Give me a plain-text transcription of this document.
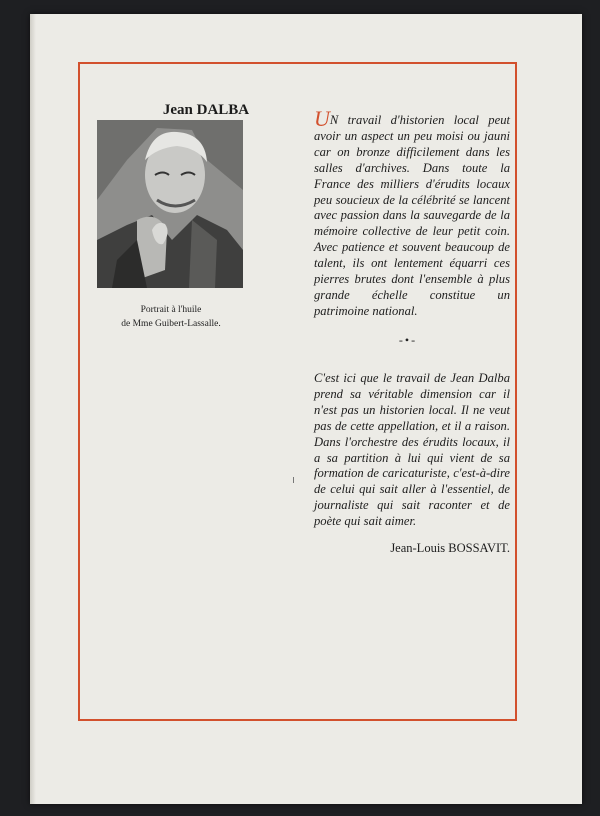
Jean DALBA
Portrait à l'huile
de Mme Guibert-Lassalle.
UN travail d'historien local peut avoir un aspect un peu moisi ou jauni car on bronze difficilement dans les salles d'archives. Dans toute la France des milliers d'érudits locaux peu soucieux de la célébrité se lancent avec passion dans la sauvegarde de la mémoire collective de leur petit coin. Avec patience et souvent beaucoup de talent, ils ont lentement équarri ces pierres brutes dont l'ensemble à plus grande échelle constitue un patrimoine national.
-•-
C'est ici que le travail de Jean Dalba prend sa véritable dimension car il n'est pas un historien local. Il ne veut pas de cette appellation, et il a raison. Dans l'orchestre des érudits locaux, il a sa partition à lui qui vient de sa formation de caricaturiste, c'est-à-dire de celui qui sait aller à l'essentiel, de journaliste qui sait raconter et de poète qui sait aimer.
Jean-Louis BOSSAVIT.
